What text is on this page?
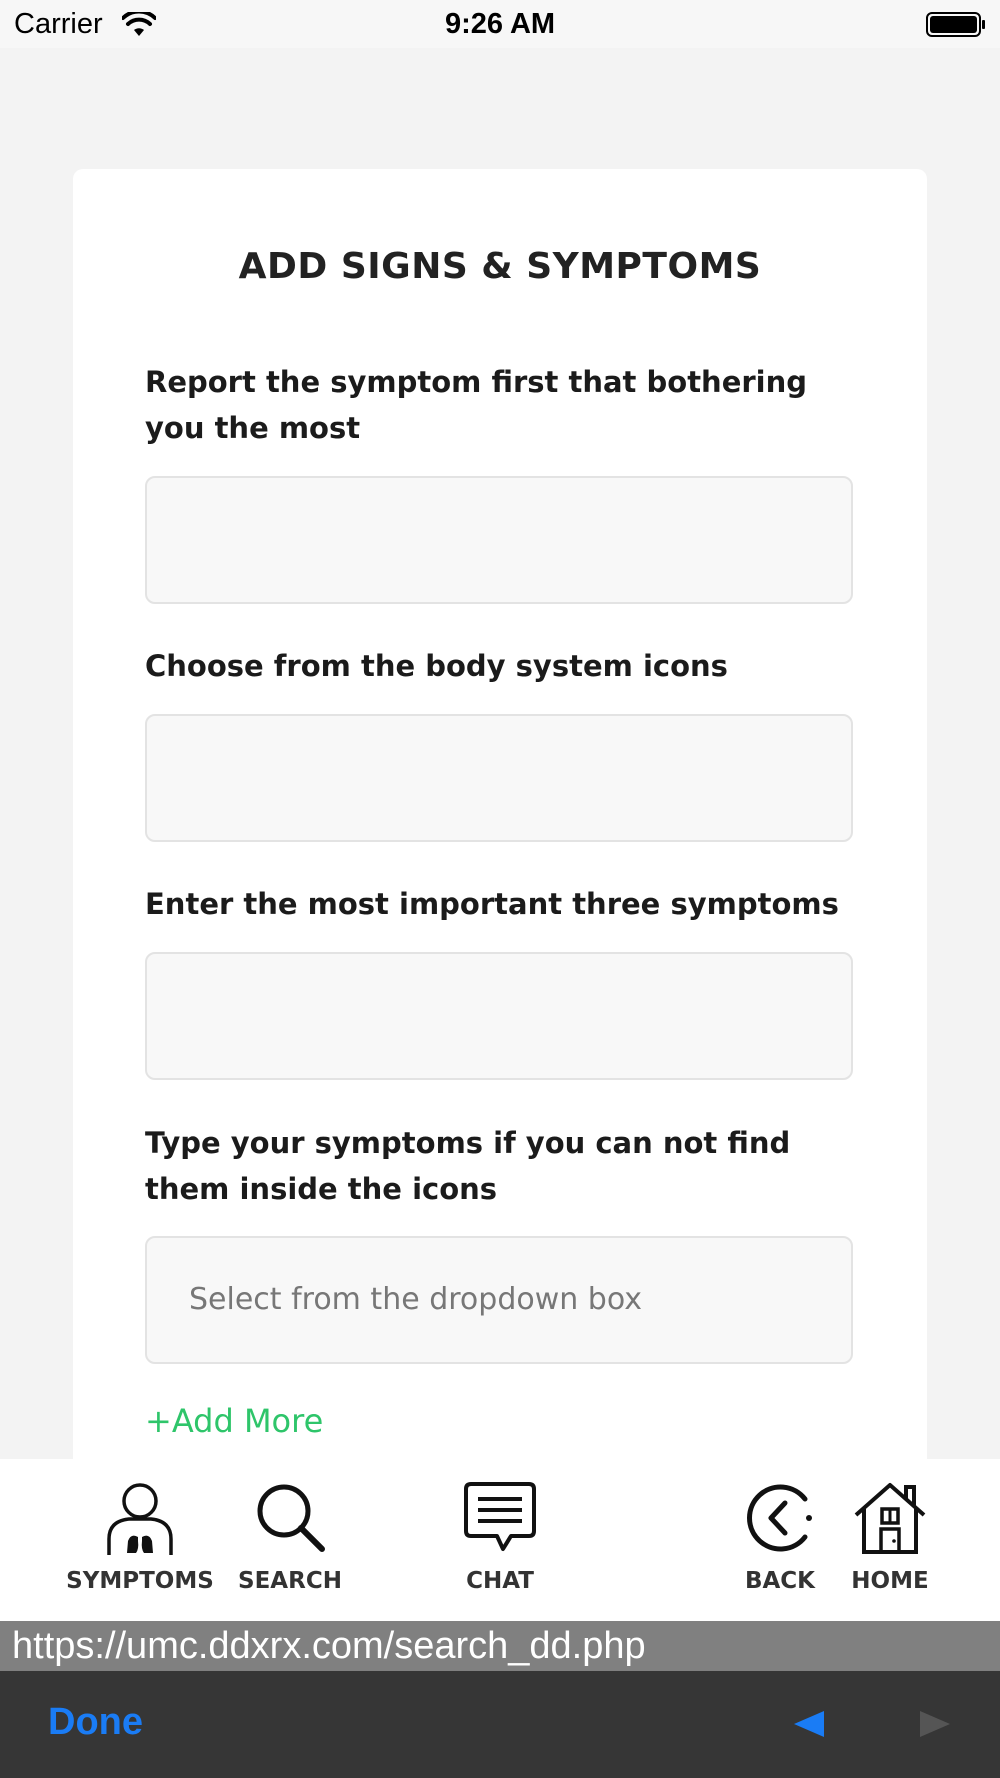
Carrier	9:26 AM
ADD SIGNS & SYMPTOMS
Report the symptom first that bothering you the most
Choose from the body system icons
Enter the most important three symptoms
Type your symptoms if you can not find them inside the icons
Select from the dropdown box
+Add More
SYMPTOMS	SEARCH	CHAT	BACK	HOME
https://umc.ddxrx.com/search_dd.php
Done
